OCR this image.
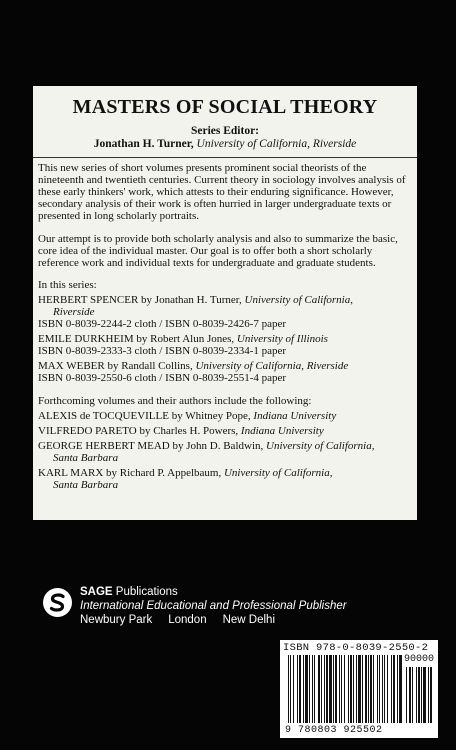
MASTERS OF SOCIAL THEORY
Series Editor:
Jonathan H. Turner, University of California, Riverside

This new series of short volumes presents prominent social theorists of the nineteenth and twentieth centuries. Current theory in sociology involves analysis of these early thinkers' work, which attests to their enduring significance. However, secondary analysis of their work is often hurried in larger undergraduate texts or presented in long scholarly portraits.

Our attempt is to provide both scholarly analysis and also to summarize the basic, core idea of the individual master. Our goal is to offer both a short scholarly reference work and individual texts for undergraduate and graduate students.

In this series:
HERBERT SPENCER by Jonathan H. Turner, University of California,
Riverside
ISBN 0-8039-2244-2 cloth / ISBN 0-8039-2426-7 paper
EMILE DURKHEIM by Robert Alun Jones, University of Illinois
ISBN 0-8039-2333-3 cloth / ISBN 0-8039-2334-1 paper
MAX WEBER by Randall Collins, University of California, Riverside
ISBN 0-8039-2550-6 cloth / ISBN 0-8039-2551-4 paper
Forthcoming volumes and their authors include the following:
ALEXIS de TOCQUEVILLE by Whitney Pope, Indiana University
VILFREDO PARETO by Charles H. Powers, Indiana University
GEORGE HERBERT MEAD by John D. Baldwin, University of California,
Santa Barbara
KARL MARX by Richard P. Appelbaum, University of California,
Santa Barbara
SAGE Publications
International Educational and Professional Publisher
Newbury Park London New Delhi
ISBN 978-0-8039-2550-2
90000
9 780803 925502
